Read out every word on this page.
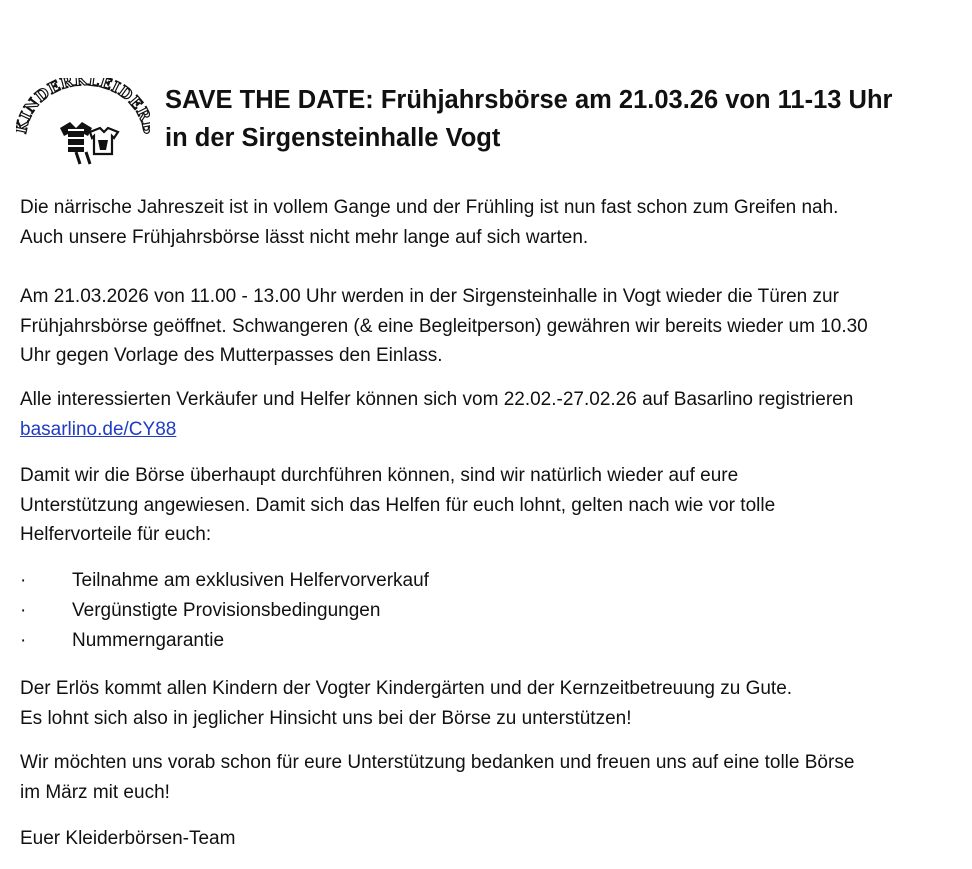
INDERKLEIDE SAVE THE DATE: Frühjahrsbörse am 21.03.26 von 11-13 Uhr
in der Sirgensteinhalle Vogt
Die närrische Jahreszeit ist in vollem Gange und der Frühling ist nun fast schon zum Greifen nah.
Auch unsere Frühjahrsbörse lässt nicht mehr lange auf sich warten.
Am 21.03.2026 von 11.00 - 13.00 Uhr werden in der Sirgensteinhalle in Vogt wieder die Türen zur
Frühjahrsbörse geöffnet. Schwangeren (& eine Begleitperson) gewähren wir bereits wieder um 10.30
Uhr gegen Vorlage des Mutterpasses den Einlass.
Alle interessierten Verkäufer und Helfer können sich vom 22.02.-27.02.26 auf Basarlino registrieren
basarlino.de/CY88
Damit wir die Börse überhaupt durchführen können, sind wir natürlich wieder auf eure
Unterstützung angewiesen. Damit sich das Helfen für euch lohnt, gelten nach wie vor tolle
Helfervorteile für euch:
· Teilnahme am exklusiven Helfervorverkauf
· Vergünstigte Provisionsbedingungen
· Nummerngarantie
Der Erlös kommt allen Kindern der Vogter Kindergärten und der Kernzeitbetreuung zu Gute.
Es lohnt sich also in jeglicher Hinsicht uns bei der Börse zu unterstützen!
Wir möchten uns vorab schon für eure Unterstützung bedanken und freuen uns auf eine tolle Börse
im März mit euch!
Euer Kleiderbörsen-Team
